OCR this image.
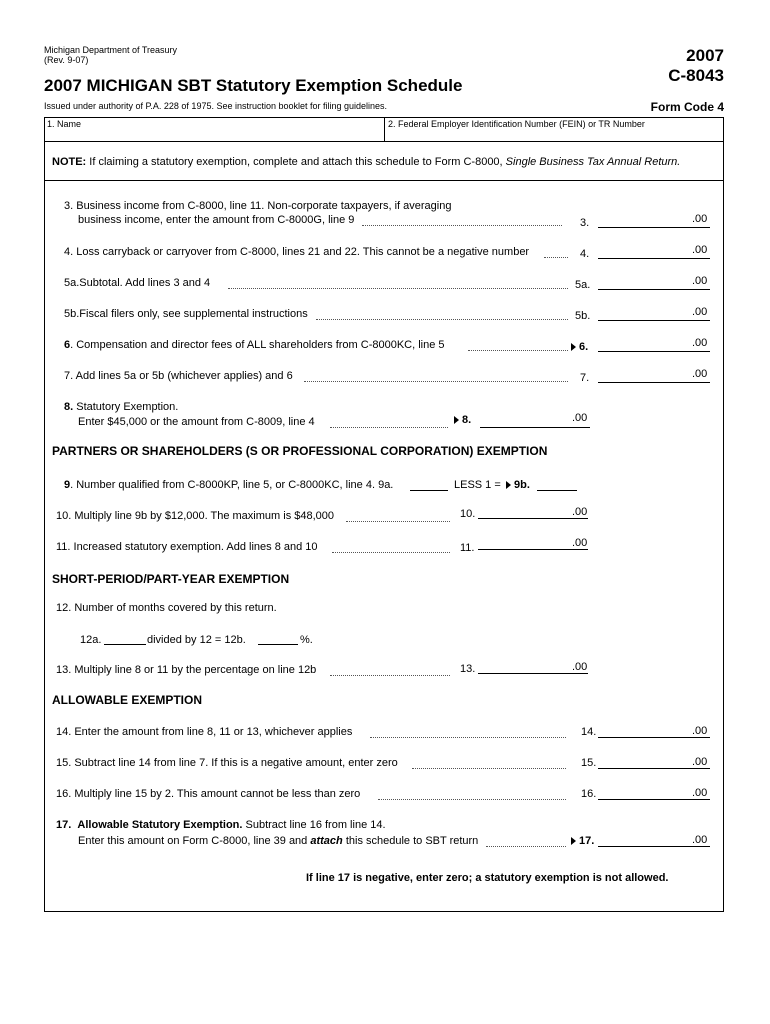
Michigan Department of Treasury
(Rev. 9-07)
2007 MICHIGAN SBT Statutory Exemption Schedule
Issued under authority of P.A. 228 of 1975. See instruction booklet for filing guidelines.
2007
C-8043
Form Code 4
1. Name	2. Federal Employer Identification Number (FEIN) or TR Number
NOTE: If claiming a statutory exemption, complete and attach this schedule to Form C-8000, Single Business Tax Annual Return.
3. Business income from C-8000, line 11. Non-corporate taxpayers, if averaging
business income, enter the amount from C-8000G, line 9	3.	.00
4. Loss carryback or carryover from C-8000, lines 21 and 22. This cannot be a negative number	4.	.00
5a.Subtotal. Add lines 3 and 4	5a.	.00
5b.Fiscal filers only, see supplemental instructions	5b.	.00
6. Compensation and director fees of ALL shareholders from C-8000KC, line 5	6.	.00
7. Add lines 5a or 5b (whichever applies) and 6	7.	.00
8. Statutory Exemption.
Enter $45,000 or the amount from C-8009, line 4	8.	.00
PARTNERS OR SHAREHOLDERS (S OR PROFESSIONAL CORPORATION) EXEMPTION
9. Number qualified from C-8000KP, line 5, or C-8000KC, line 4. 9a.	LESS 1 =	9b.
10. Multiply line 9b by $12,000. The maximum is $48,000	10.	.00
11. Increased statutory exemption. Add lines 8 and 10	11.	.00
SHORT-PERIOD/PART-YEAR EXEMPTION
12. Number of months covered by this return.
12a.	divided by 12 = 12b.	%.
13. Multiply line 8 or 11 by the percentage on line 12b	13.	.00
ALLOWABLE EXEMPTION
14. Enter the amount from line 8, 11 or 13, whichever applies	14.	.00
15. Subtract line 14 from line 7. If this is a negative amount, enter zero	15.	.00
16. Multiply line 15 by 2. This amount cannot be less than zero	16.	.00
17. Allowable Statutory Exemption. Subtract line 16 from line 14.
Enter this amount on Form C-8000, line 39 and attach this schedule to SBT return	17.	.00
If line 17 is negative, enter zero; a statutory exemption is not allowed.
